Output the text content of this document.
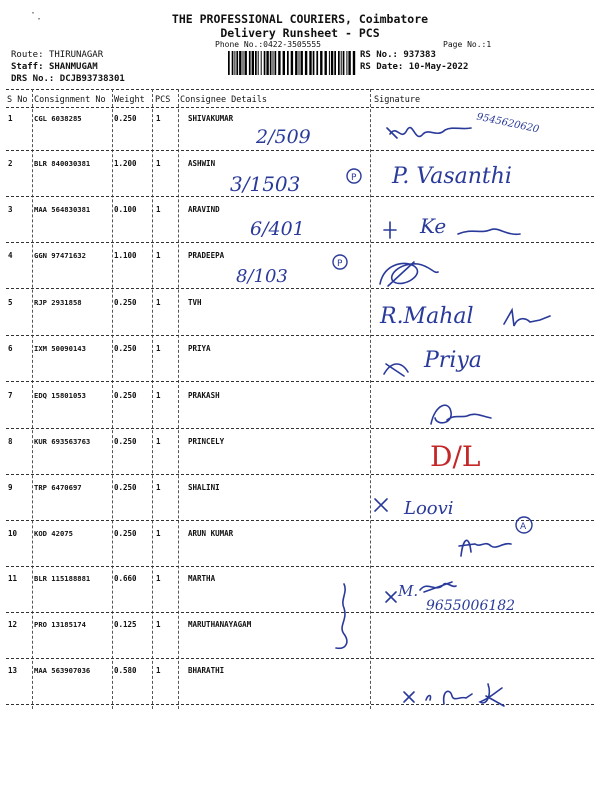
THE PROFESSIONAL COURIERS, Coimbatore
Delivery Runsheet - PCS
Phone No.:0422-3505555	Page No.:1
Route: THIRUNAGAR
Staff: SHANMUGAM
DRS No.: DCJB93738301
RS No.: 937383
RS Date: 10-May-2022
S No Consignment No Weight PCS Consignee Details	Signature
1	CGL 6038285	0.250	1	SHIVAKUMAR
2	BLR 840030381	1.200	1	ASHWIN
3	MAA 564830381	0.100	1	ARAVIND
4	GGN 97471632	1.100	1	PRADEEPA
5	RJP 2931858	0.250	1	TVH
6	IXM 50090143	0.250	1	PRIYA
7	EDQ 15801053	0.250	1	PRAKASH
8	KUR 693563763	0.250	1	PRINCELY
9	TRP 6470697	0.250	1	SHALINI
10 KOD 42075	0.250	1	ARUN KUMAR
11 BLR 115188881	0.660	1	MARTHA
12 PRO 13185174	0.125	1	MARUTHANAYAGAM
13 MAA 563907036	0.580	1	BHARATHI
2/509
3/1503
6/401
8/103
P
P
A
9545620620
P. Vasanthi
Ke
R.Mahal
Priya
D/L
Loovi
M.
9655006182
·
·
